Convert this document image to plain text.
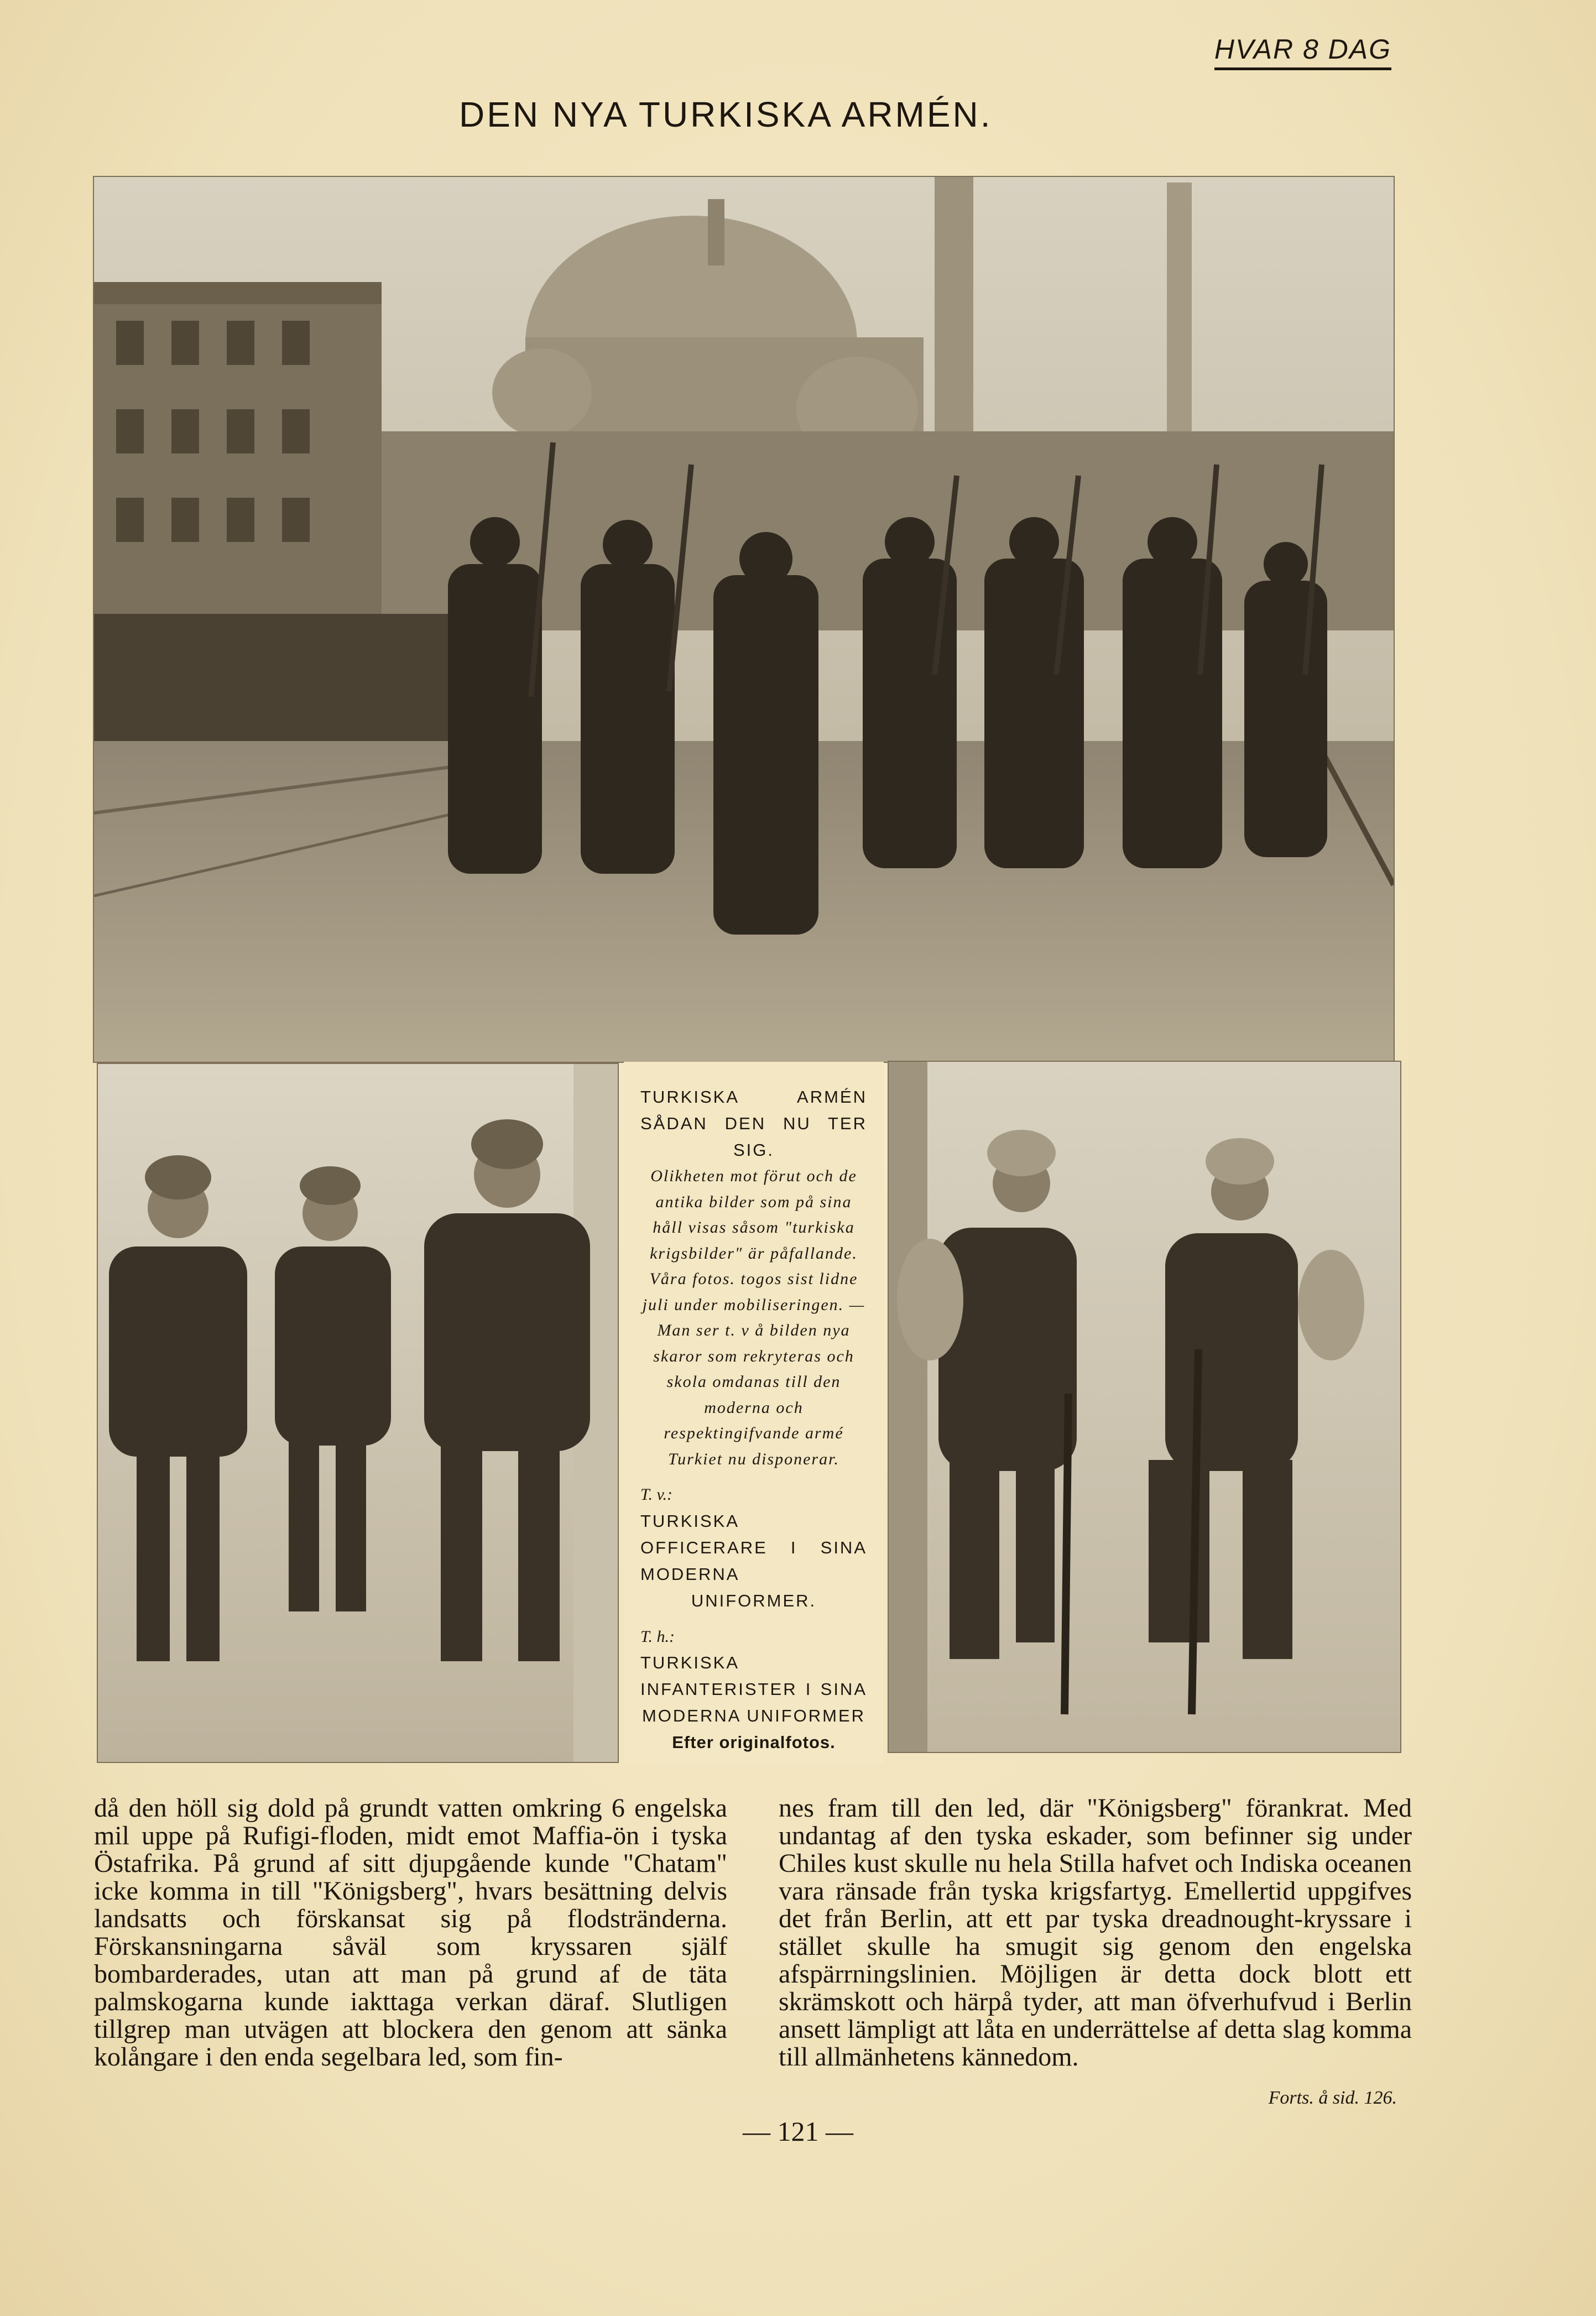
HVAR 8 DAG
DEN NYA TURKISKA ARMÉN.
TURKISKA ARMÉN SÅDAN DEN NU TER SIG.
Olikheten mot förut och de antika bilder som på sina håll visas såsom "turkiska krigsbilder" är påfallande. Våra fotos. togos sist lidne juli under mobiliseringen. — Man ser t. v å bilden nya skaror som rekryteras och skola omdanas till den moderna och respektingifvande armé Turkiet nu disponerar.
T. v.:
TURKISKA OFFICERARE I SINA MODERNA UNIFORMER.
T. h.:
TURKISKA INFANTERISTER I SINA MODERNA UNIFORMER
Efter originalfotos.
då den höll sig dold på grundt vatten omkring 6 engelska mil uppe på Rufigi-floden, midt emot Maffia-ön i tyska Östafrika. På grund af sitt djupgående kunde "Chatam" icke komma in till "Königsberg", hvars besättning delvis landsatts och förskansat sig på flodstränderna. Förskansningarna såväl som kryssaren själf bombarderades, utan att man på grund af de täta palmskogarna kunde iakttaga verkan däraf. Slutligen tillgrep man utvägen att blockera den genom att sänka kolångare i den enda segelbara led, som fin-
nes fram till den led, där "Königsberg" förankrat. Med undantag af den tyska eskader, som befinner sig under Chiles kust skulle nu hela Stilla hafvet och Indiska oceanen vara ränsade från tyska krigsfartyg. Emellertid uppgifves det från Berlin, att ett par tyska dreadnought-kryssare i stället skulle ha smugit sig genom den engelska afspärrningslinien. Möjligen är detta dock blott ett skrämskott och härpå tyder, att man öfverhufvud i Berlin ansett lämpligt att låta en underrättelse af detta slag komma till allmänhetens kännedom.
Forts. å sid. 126.
— 121 —
